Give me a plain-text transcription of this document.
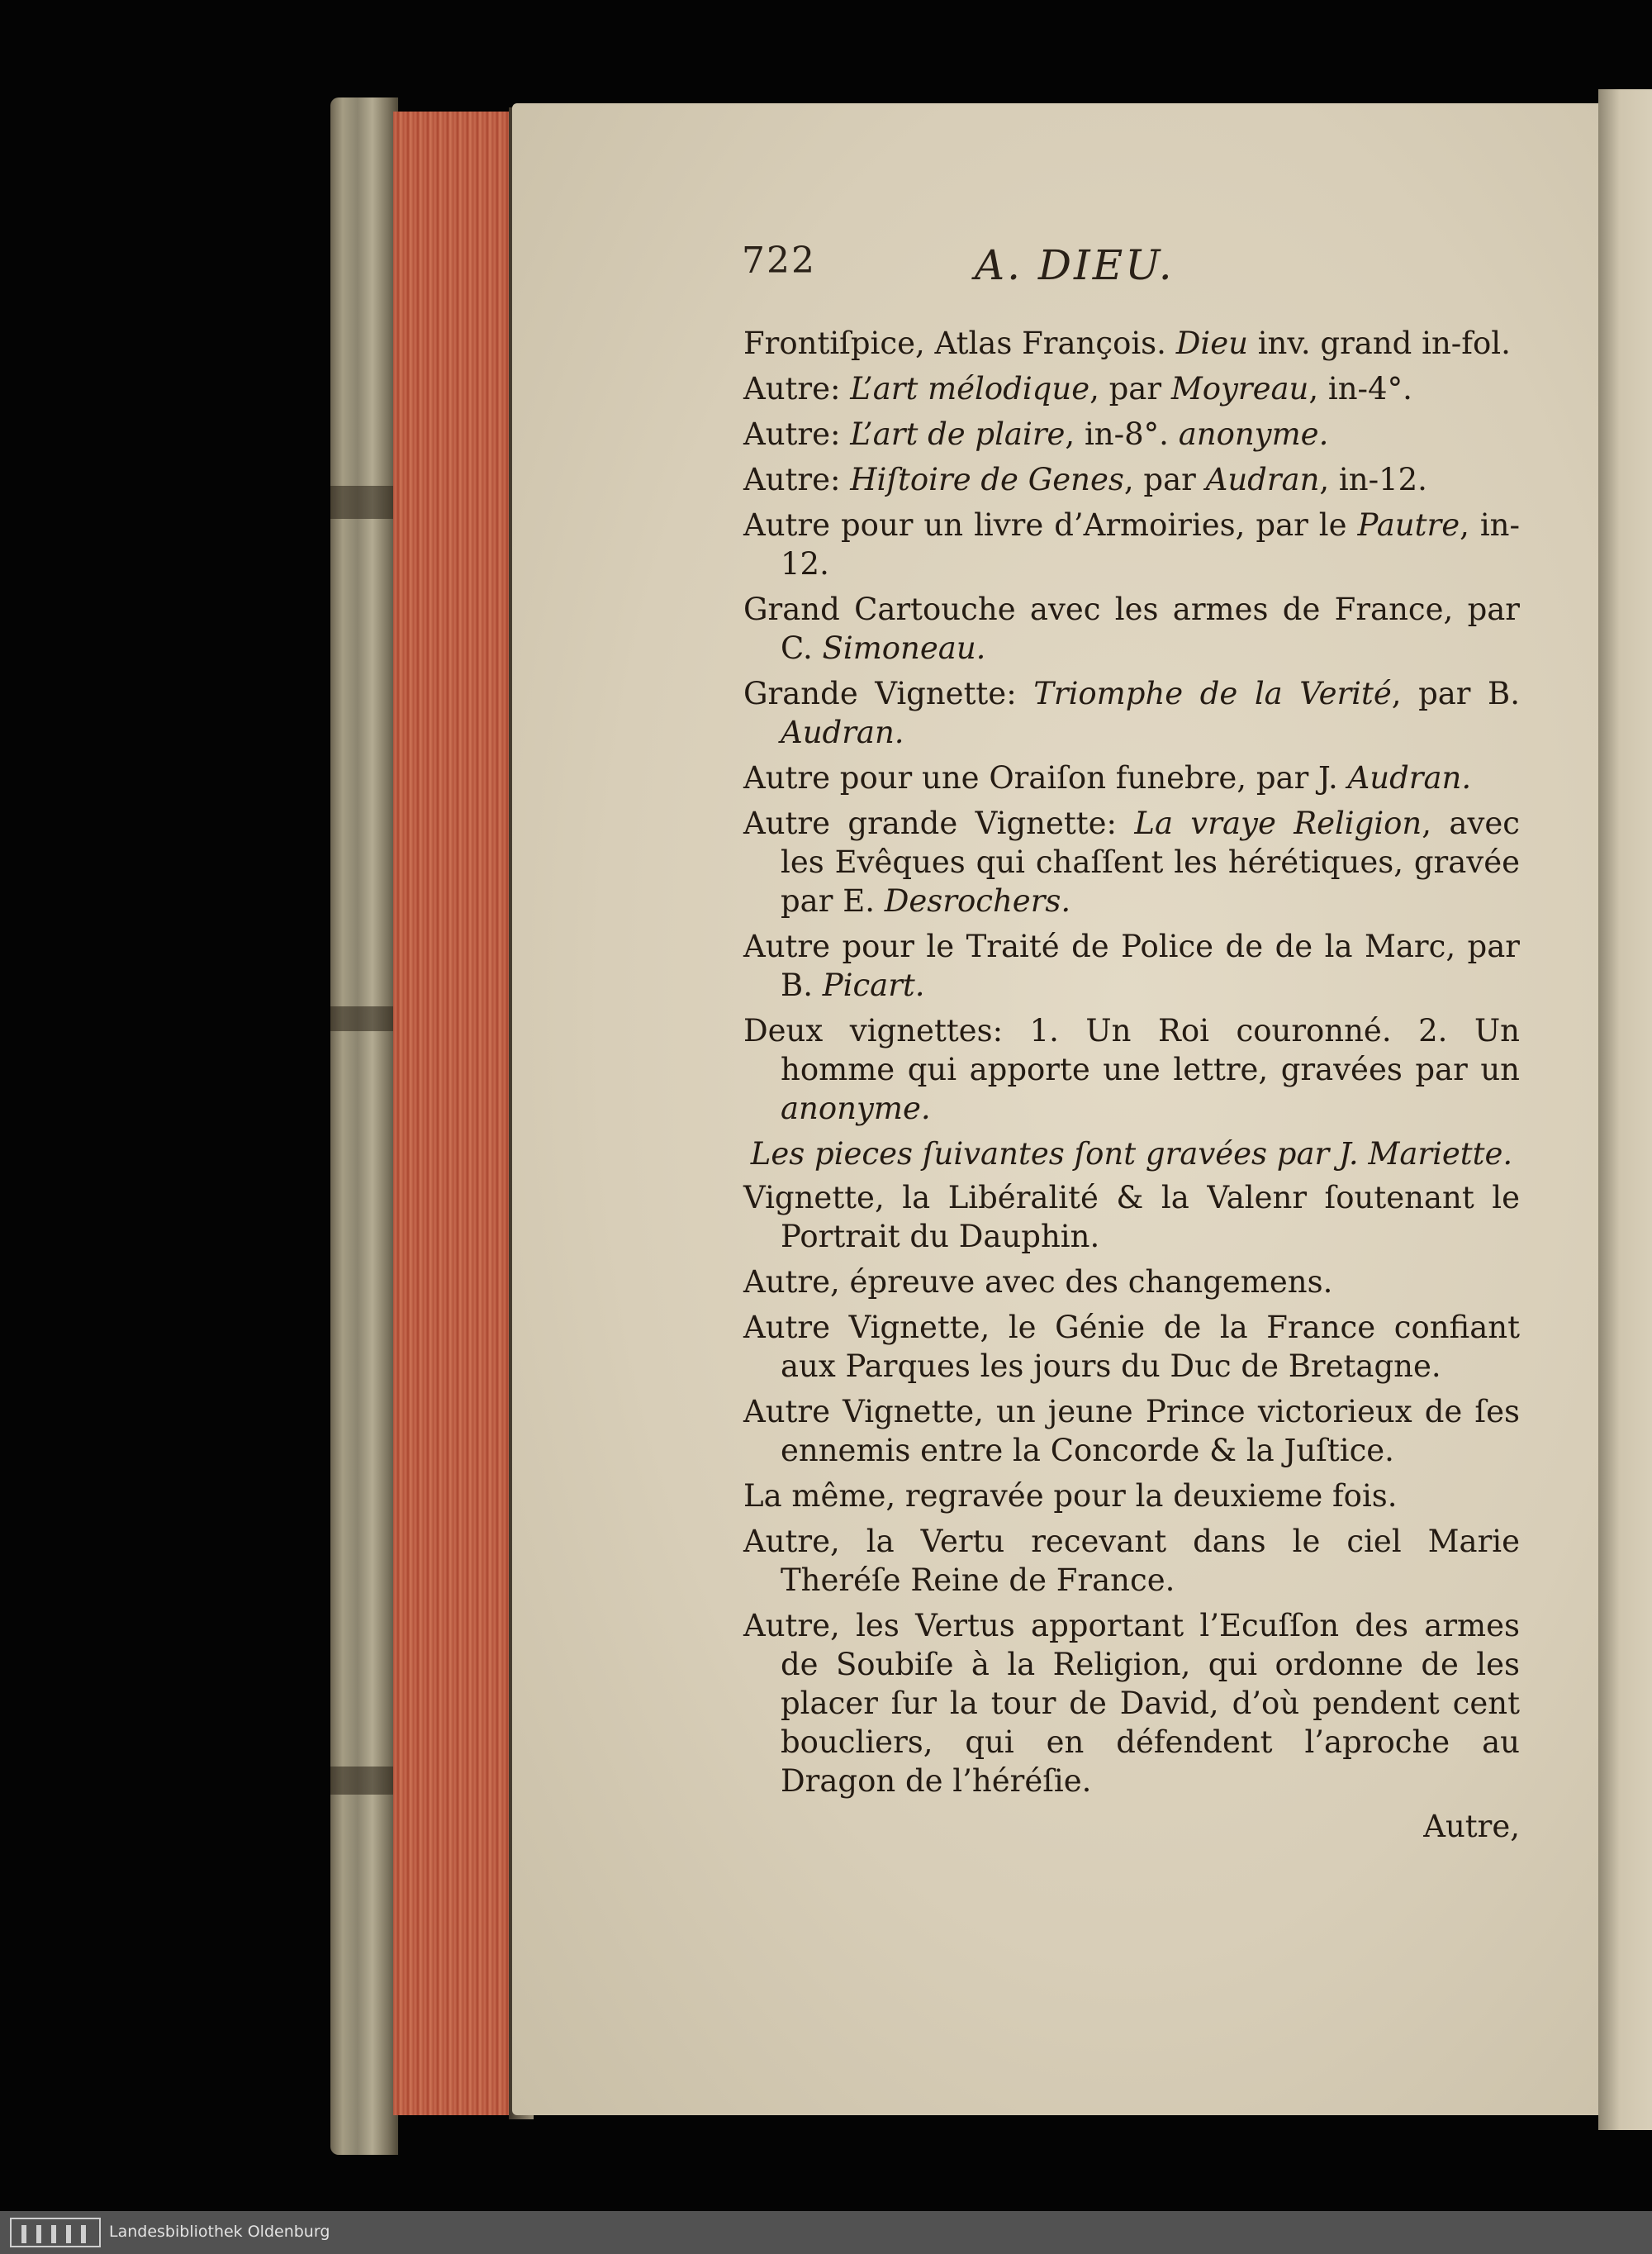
722	A. DIEU.
Frontiſpice, Atlas François. Dieu inv. grand in-fol.
Autre: L’art mélodique, par Moyreau, in-4°.
Autre: L’art de plaire, in-8°. anonyme.
Autre: Hiſtoire de Genes, par Audran, in-12.
Autre pour un livre d’Armoiries, par le Pautre, in-12.
Grand Cartouche avec les armes de France, par C. Simoneau.
Grande Vignette: Triomphe de la Verité, par B. Audran.
Autre pour une Oraiſon funebre, par J. Audran.
Autre grande Vignette: La vraye Religion, avec les Evêques qui chaſſent les hérétiques, gravée par E. Desrochers.
Autre pour le Traité de Police de de la Marc, par B. Picart.
Deux vignettes: 1. Un Roi couronné. 2. Un homme qui apporte une lettre, gravées par un anonyme.
Les pieces ſuivantes ſont gravées par J. Mariette.
Vignette, la Libéralité & la Valenr ſoutenant le Portrait du Dauphin.
Autre, épreuve avec des changemens.
Autre Vignette, le Génie de la France confiant aux Parques les jours du Duc de Bretagne.
Autre Vignette, un jeune Prince victorieux de ſes ennemis entre la Concorde & la Juſtice.
La même, regravée pour la deuxieme fois.
Autre, la Vertu recevant dans le ciel Marie Theréſe Reine de France.
Autre, les Vertus apportant l’Ecuſſon des armes de Soubiſe à la Religion, qui ordonne de les placer ſur la tour de David, d’où pendent cent boucliers, qui en défendent l’aproche au Dragon de l’héréſie.
Autre,
Landesbibliothek Oldenburg
